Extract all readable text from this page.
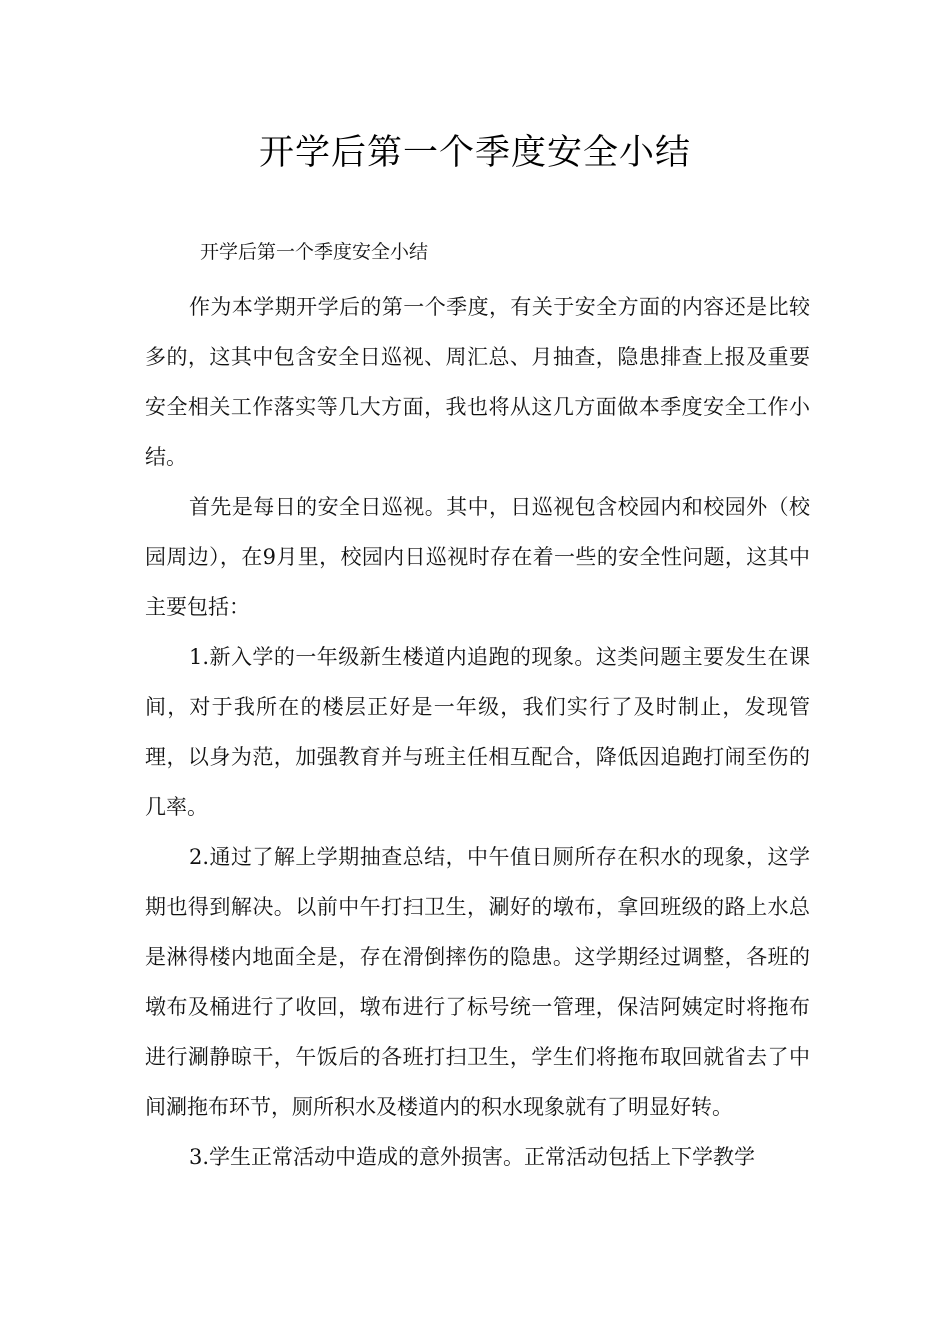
开学后第一个季度安全小结
开学后第一个季度安全小结

作为本学期开学后的第一个季度，有关于安全方面的内容还是比较多的，这其中包含安全日巡视、周汇总、月抽查，隐患排查上报及重要安全相关工作落实等几大方面，我也将从这几方面做本季度安全工作小结。

首先是每日的安全日巡视。其中，日巡视包含校园内和校园外（校园周边），在9月里，校园内日巡视时存在着一些的安全性问题，这其中主要包括：

1.新入学的一年级新生楼道内追跑的现象。这类问题主要发生在课间，对于我所在的楼层正好是一年级，我们实行了及时制止，发现管理，以身为范，加强教育并与班主任相互配合，降低因追跑打闹至伤的几率。

2.通过了解上学期抽查总结，中午值日厕所存在积水的现象，这学期也得到解决。以前中午打扫卫生，涮好的墩布，拿回班级的路上水总是淋得楼内地面全是，存在滑倒摔伤的隐患。这学期经过调整，各班的墩布及桶进行了收回，墩布进行了标号统一管理，保洁阿姨定时将拖布进行涮静晾干，午饭后的各班打扫卫生，学生们将拖布取回就省去了中间涮拖布环节，厕所积水及楼道内的积水现象就有了明显好转。

3.学生正常活动中造成的意外损害。正常活动包括上下学教学
